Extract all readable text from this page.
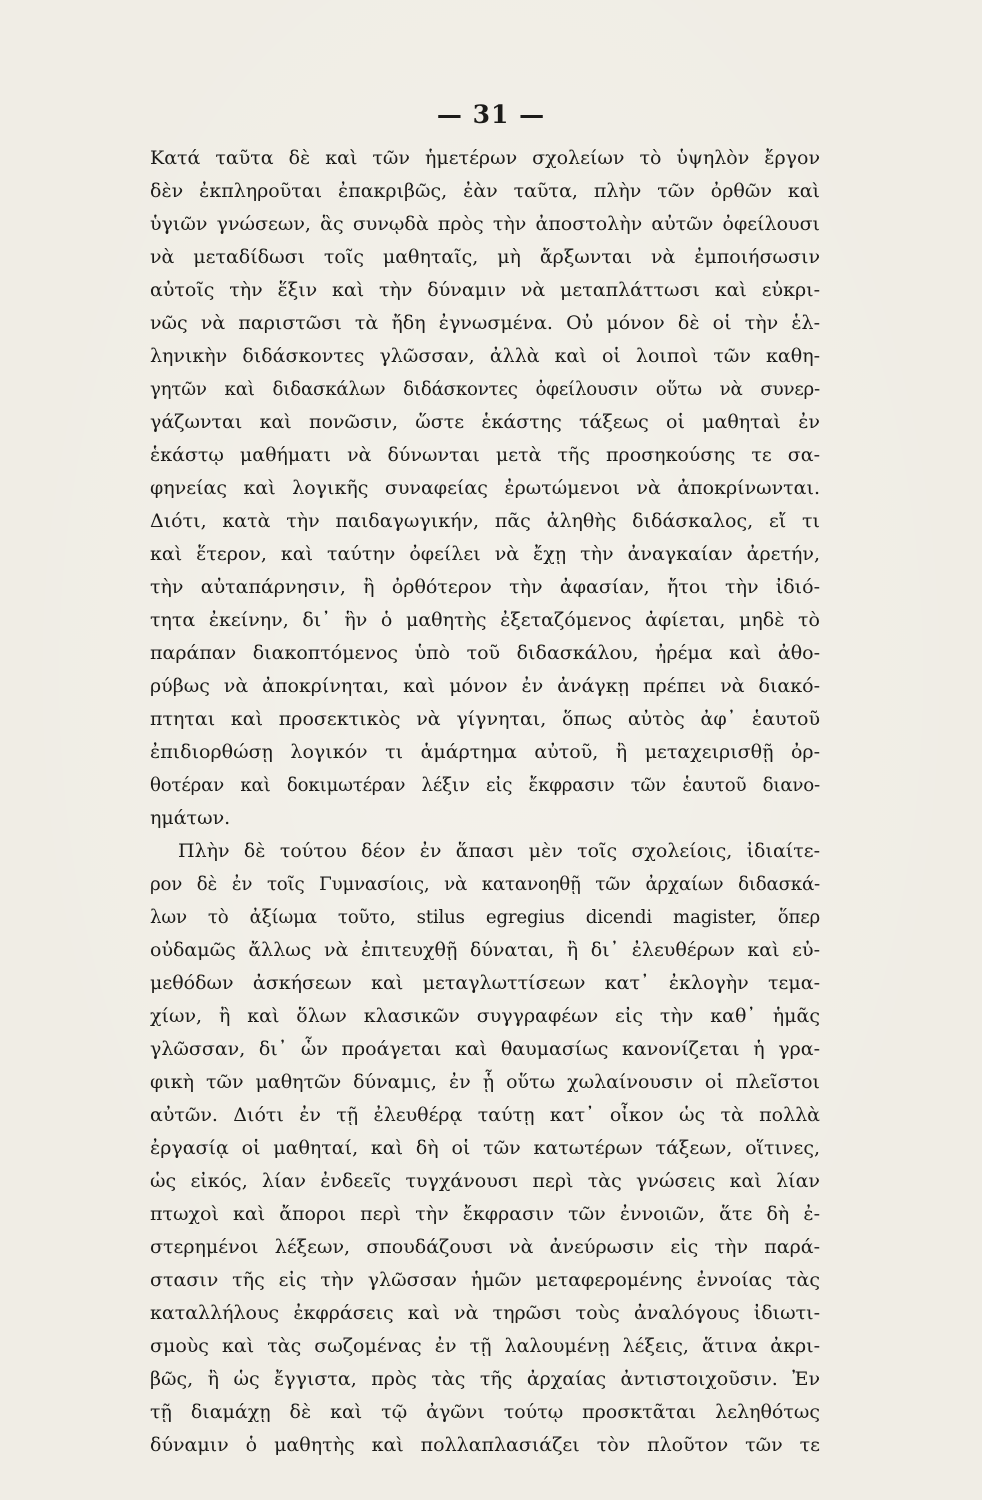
— 31 —
Κατά ταῦτα δὲ καὶ τῶν ἡμετέρων σχολείων τὸ ὑψηλὸν ἔργον
δὲν ἐκπληροῦται ἐπακριβῶς, ἐὰν ταῦτα, πλὴν τῶν ὀρθῶν καὶ
ὑγιῶν γνώσεων, ἃς συνῳδὰ πρὸς τὴν ἀποστολὴν αὐτῶν ὀφείλουσι
νὰ μεταδίδωσι τοῖς μαθηταῖς, μὴ ἄρξωνται νὰ ἐμποιήσωσιν
αὐτοῖς τὴν ἕξιν καὶ τὴν δύναμιν νὰ μεταπλάττωσι καὶ εὐκρι-
νῶς νὰ παριστῶσι τὰ ἤδη ἐγνωσμένα. Οὐ μόνον δὲ οἱ τὴν ἑλ-
ληνικὴν διδάσκοντες γλῶσσαν, ἀλλὰ καὶ οἱ λοιποὶ τῶν καθη-
γητῶν καὶ διδασκάλων διδάσκοντες ὀφείλουσιν οὕτω νὰ συνερ-
γάζωνται καὶ πονῶσιν, ὥστε ἑκάστης τάξεως οἱ μαθηταὶ ἐν
ἑκάστῳ μαθήματι νὰ δύνωνται μετὰ τῆς προσηκούσης τε σα-
φηνείας καὶ λογικῆς συναφείας ἐρωτώμενοι νὰ ἀποκρίνωνται.
Διότι, κατὰ τὴν παιδαγωγικήν, πᾶς ἀληθὴς διδάσκαλος, εἴ τι
καὶ ἕτερον, καὶ ταύτην ὀφείλει νὰ ἔχῃ τὴν ἀναγκαίαν ἀρετήν,
τὴν αὐταπάρνησιν, ἢ ὀρθότερον τὴν ἀφασίαν, ἤτοι τὴν ἰδιό-
τητα ἐκείνην, δι᾽ ἣν ὁ μαθητὴς ἐξεταζόμενος ἀφίεται, μηδὲ τὸ
παράπαν διακοπτόμενος ὑπὸ τοῦ διδασκάλου, ἠρέμα καὶ ἀθο-
ρύβως νὰ ἀποκρίνηται, καὶ μόνον ἐν ἀνάγκῃ πρέπει νὰ διακό-
πτηται καὶ προσεκτικὸς νὰ γίγνηται, ὅπως αὐτὸς ἀφ᾽ ἑαυτοῦ
ἐπιδιορθώσῃ λογικόν τι ἁμάρτημα αὐτοῦ, ἢ μεταχειρισθῇ ὀρ-
θοτέραν καὶ δοκιμωτέραν λέξιν εἰς ἔκφρασιν τῶν ἑαυτοῦ διανο-
ημάτων.
Πλὴν δὲ τούτου δέον ἐν ἅπασι μὲν τοῖς σχολείοις, ἰδιαίτε-
ρον δὲ ἐν τοῖς Γυμνασίοις, νὰ κατανοηθῇ τῶν ἀρχαίων διδασκά-
λων τὸ ἀξίωμα τοῦτο, stilus egregius dicendi magister, ὅπερ
οὐδαμῶς ἄλλως νὰ ἐπιτευχθῇ δύναται, ἢ δι᾽ ἐλευθέρων καὶ εὐ-
μεθόδων ἀσκήσεων καὶ μεταγλωττίσεων κατ᾽ ἐκλογὴν τεμα-
χίων, ἢ καὶ ὅλων κλασικῶν συγγραφέων εἰς τὴν καθ᾽ ἡμᾶς
γλῶσσαν, δι᾽ ὧν προάγεται καὶ θαυμασίως κανονίζεται ἡ γρα-
φικὴ τῶν μαθητῶν δύναμις, ἐν ᾗ οὕτω χωλαίνουσιν οἱ πλεῖστοι
αὐτῶν. Διότι ἐν τῇ ἐλευθέρᾳ ταύτῃ κατ᾽ οἶκον ὡς τὰ πολλὰ
ἐργασίᾳ οἱ μαθηταί, καὶ δὴ οἱ τῶν κατωτέρων τάξεων, οἵτινες,
ὡς εἰκός, λίαν ἐνδεεῖς τυγχάνουσι περὶ τὰς γνώσεις καὶ λίαν
πτωχοὶ καὶ ἄποροι περὶ τὴν ἔκφρασιν τῶν ἐννοιῶν, ἅτε δὴ ἐ-
στερημένοι λέξεων, σπουδάζουσι νὰ ἀνεύρωσιν εἰς τὴν παρά-
στασιν τῆς εἰς τὴν γλῶσσαν ἡμῶν μεταφερομένης ἐννοίας τὰς
καταλλήλους ἐκφράσεις καὶ νὰ τηρῶσι τοὺς ἀναλόγους ἰδιωτι-
σμοὺς καὶ τὰς σωζομένας ἐν τῇ λαλουμένῃ λέξεις, ἅτινα ἀκρι-
βῶς, ἢ ὡς ἔγγιστα, πρὸς τὰς τῆς ἀρχαίας ἀντιστοιχοῦσιν. Ἐν
τῇ διαμάχῃ δὲ καὶ τῷ ἀγῶνι τούτῳ προσκτᾶται λεληθότως
δύναμιν ὁ μαθητὴς καὶ πολλαπλασιάζει τὸν πλοῦτον τῶν τε
